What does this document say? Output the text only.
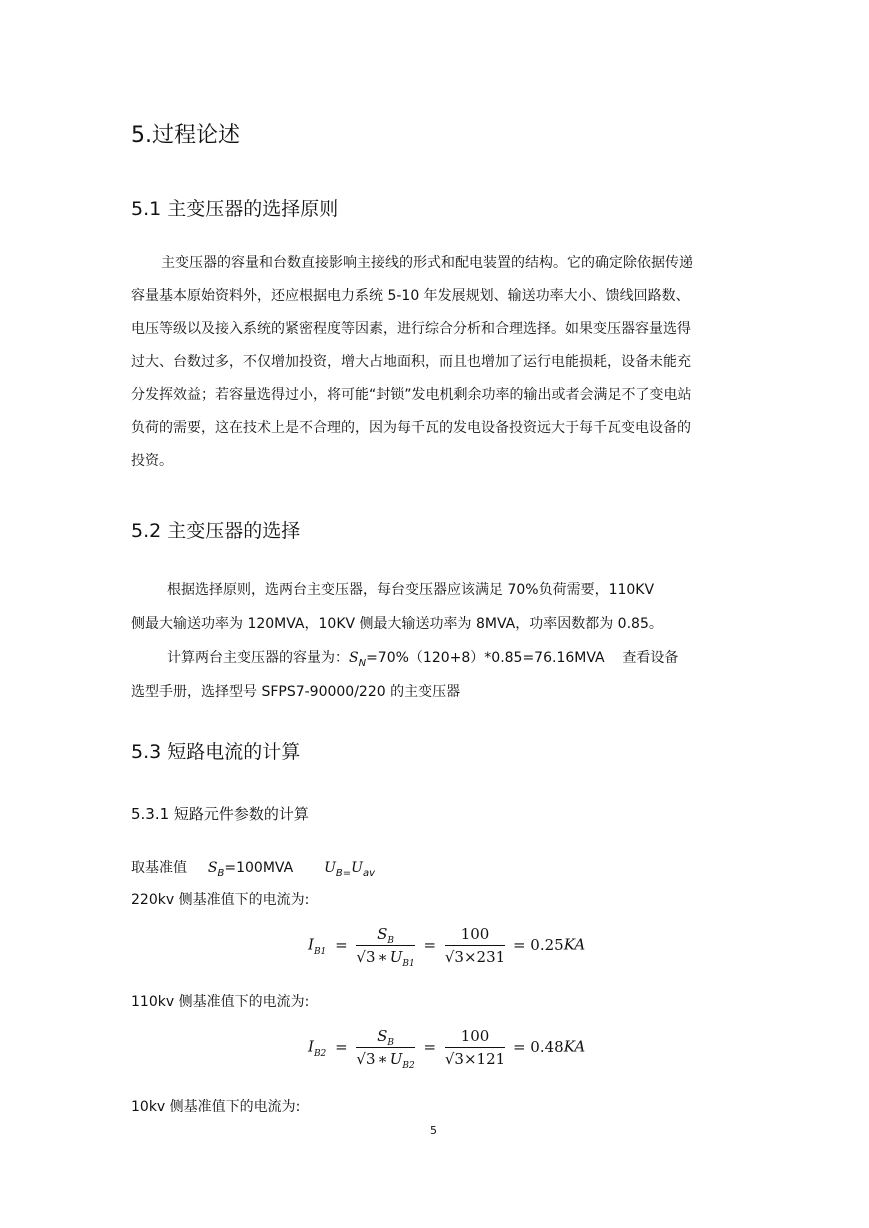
5.过程论述
5.1 主变压器的选择原则
主变压器的容量和台数直接影响主接线的形式和配电装置的结构。它的确定除依据传递
容量基本原始资料外，还应根据电力系统 5-10 年发展规划、输送功率大小、馈线回路数、
电压等级以及接入系统的紧密程度等因素，进行综合分析和合理选择。如果变压器容量选得
过大、台数过多，不仅增加投资，增大占地面积，而且也增加了运行电能损耗，设备未能充
分发挥效益；若容量选得过小，将可能“封锁”发电机剩余功率的输出或者会满足不了变电站
负荷的需要，这在技术上是不合理的，因为每千瓦的发电设备投资远大于每千瓦变电设备的
投资。
5.2 主变压器的选择
根据选择原则，选两台主变压器，每台变压器应该满足 70%负荷需要，110KV
侧最大输送功率为 120MVA，10KV 侧最大输送功率为 8MVA，功率因数都为 0.85。
计算两台主变压器的容量为：$S_N=70\%(120+8)*0.85=76.16MVA$    查看设备
选型手册，选择型号 SFPS7-90000/220 的主变压器
5.3 短路电流的计算
5.3.1 短路元件参数的计算
取基准值 $S_B=100MVA$ $U_{B=}U_{av}$
220kv 侧基准值下的电流为:
$I_{B1} = \frac{S_B}{√3 ∗ U_{B1}} = \frac{100}{√3\times 231} = 0.25KA$
110kv 侧基准值下的电流为:
$I_{B2} = \frac{S_B}{√3 ∗ U_{B2}} = \frac{100}{√3\times 121} = 0.48KA$
10kv 侧基准值下的电流为:
5
